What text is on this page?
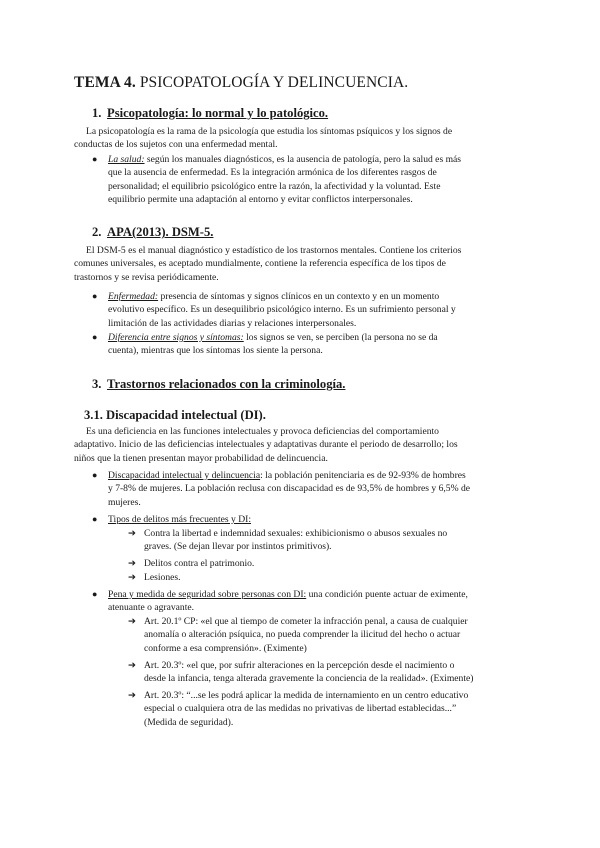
TEMA 4. PSICOPATOLOGÍA Y DELINCUENCIA.
1. Psicopatología: lo normal y lo patológico.
La psicopatología es la rama de la psicología que estudia los síntomas psíquicos y los signos de
conductas de los sujetos con una enfermedad mental.
● La salud: según los manuales diagnósticos, es la ausencia de patología, pero la salud es más
que la ausencia de enfermedad. Es la integración armónica de los diferentes rasgos de
personalidad; el equilibrio psicológico entre la razón, la afectividad y la voluntad. Este
equilibrio permite una adaptación al entorno y evitar conflictos interpersonales.
2. APA(2013). DSM-5.
El DSM-5 es el manual diagnóstico y estadístico de los trastornos mentales. Contiene los criterios
comunes universales, es aceptado mundialmente, contiene la referencia específica de los tipos de
trastornos y se revisa periódicamente.
● Enfermedad: presencia de síntomas y signos clínicos en un contexto y en un momento
evolutivo específico. Es un desequilibrio psicológico interno. Es un sufrimiento personal y
limitación de las actividades diarias y relaciones interpersonales.
● Diferencia entre signos y síntomas: los signos se ven, se perciben (la persona no se da
cuenta), mientras que los síntomas los siente la persona.
3. Trastornos relacionados con la criminología.
3.1. Discapacidad intelectual (DI).
Es una deficiencia en las funciones intelectuales y provoca deficiencias del comportamiento
adaptativo. Inicio de las deficiencias intelectuales y adaptativas durante el periodo de desarrollo; los
niños que la tienen presentan mayor probabilidad de delincuencia.
● Discapacidad intelectual y delincuencia: la población penitenciaria es de 92-93% de hombres
y 7-8% de mujeres. La población reclusa con discapacidad es de 93,5% de hombres y 6,5% de
mujeres.
● Tipos de delitos más frecuentes y DI:
➔ Contra la libertad e indemnidad sexuales: exhibicionismo o abusos sexuales no
graves. (Se dejan llevar por instintos primitivos).
➔ Delitos contra el patrimonio.
➔ Lesiones.
● Pena y medida de seguridad sobre personas con DI: una condición puente actuar de eximente,
atenuante o agravante.
➔ Art. 20.1º CP: «el que al tiempo de cometer la infracción penal, a causa de cualquier
anomalía o alteración psíquica, no pueda comprender la ilicitud del hecho o actuar
conforme a esa comprensión». (Eximente)
➔ Art. 20.3º: «el que, por sufrir alteraciones en la percepción desde el nacimiento o
desde la infancia, tenga alterada gravemente la conciencia de la realidad». (Eximente)
➔ Art. 20.3º: “...se les podrá aplicar la medida de internamiento en un centro educativo
especial o cualquiera otra de las medidas no privativas de libertad establecidas...”
(Medida de seguridad).
